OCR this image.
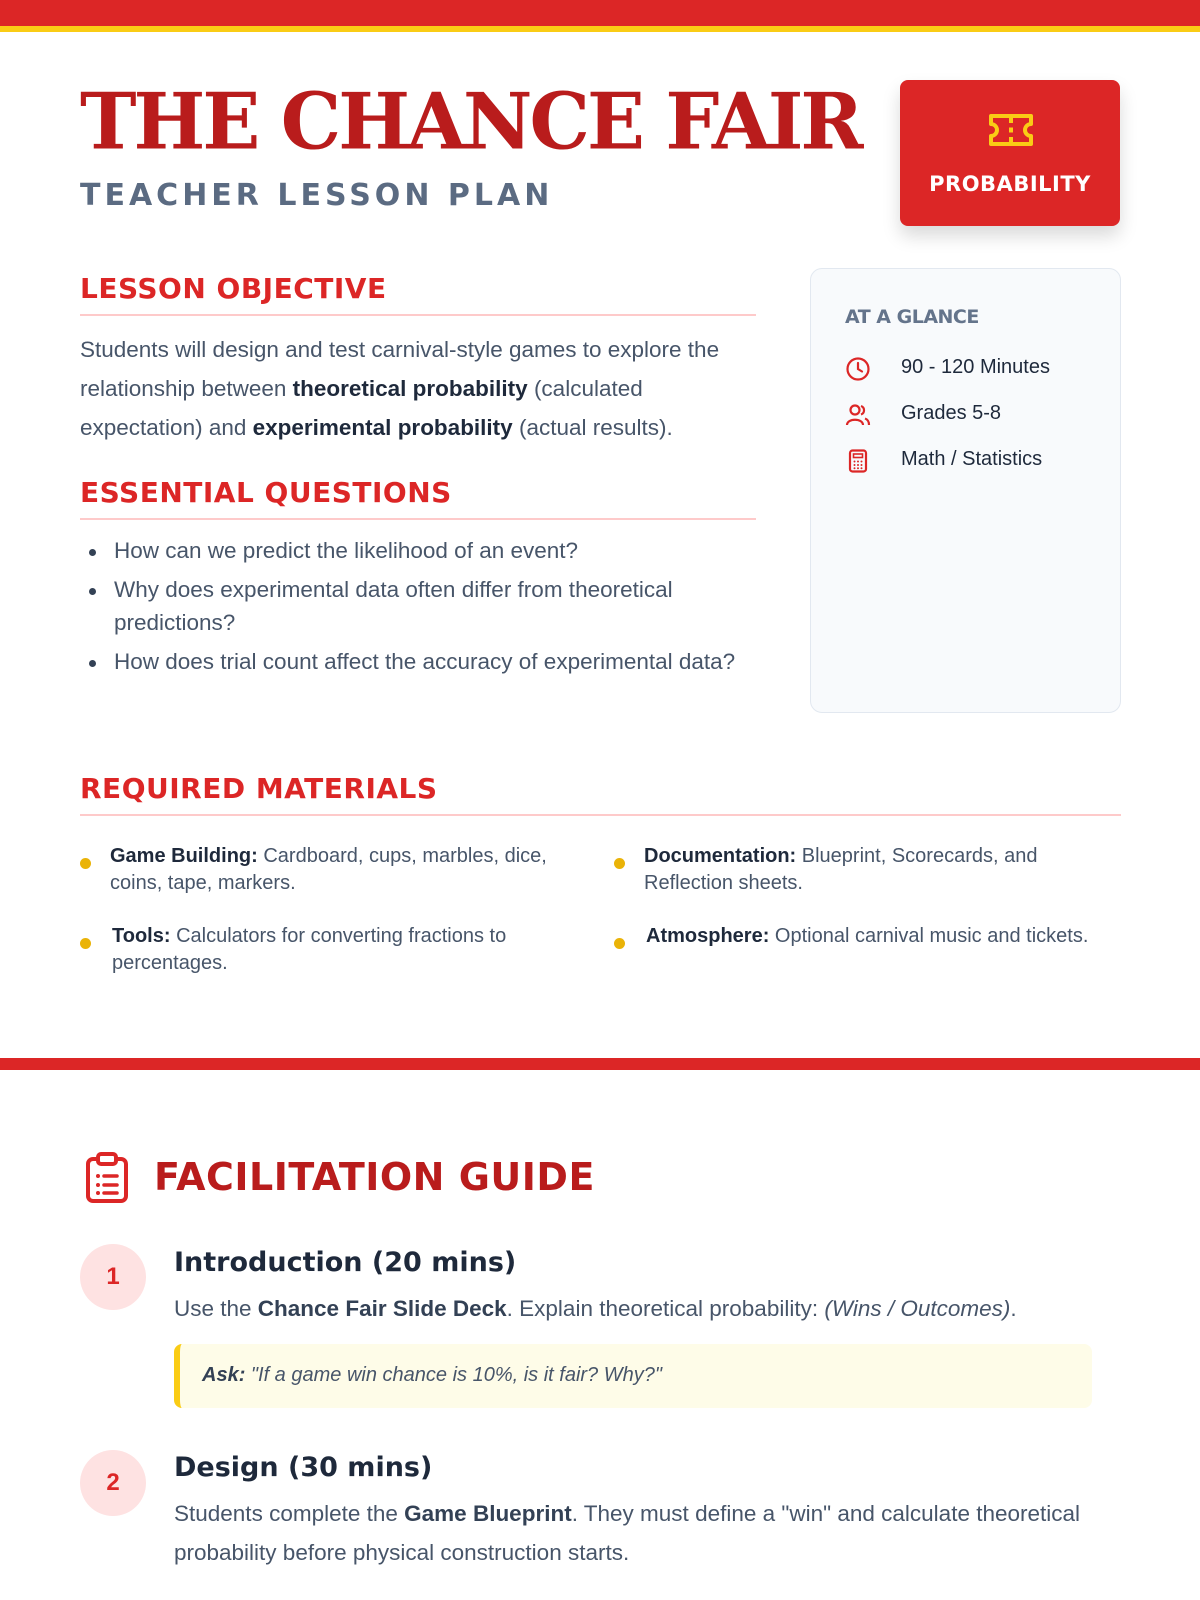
THE CHANCE FAIR
TEACHER LESSON PLAN	PROBABILITY
LESSON OBJECTIVE

Students will design and test carnival-style games to explore the relationship between theoretical probability (calculated expectation) and experimental probability (actual results).

ESSENTIAL QUESTIONS
How can we predict the likelihood of an event?
Why does experimental data often differ from theoretical predictions?
How does trial count affect the accuracy of experimental data?
AT A GLANCE
90 - 120 Minutes
Grades 5-8
Math / Statistics
REQUIRED MATERIALS

Game Building: Cardboard, cups, marbles, dice, coins, tape, markers.

Documentation: Blueprint, Scorecards, and Reflection sheets.

Tools: Calculators for converting fractions to percentages.

Atmosphere: Optional carnival music and tickets.

FACILITATION GUIDE
1	Introduction (20 mins)

Use the Chance Fair Slide Deck. Explain theoretical probability: (Wins / Outcomes).

Ask: "If a game win chance is 10%, is it fair? Why?"

2	Design (30 mins)

Students complete the Game Blueprint. They must define a "win" and calculate theoretical probability before physical construction starts.
